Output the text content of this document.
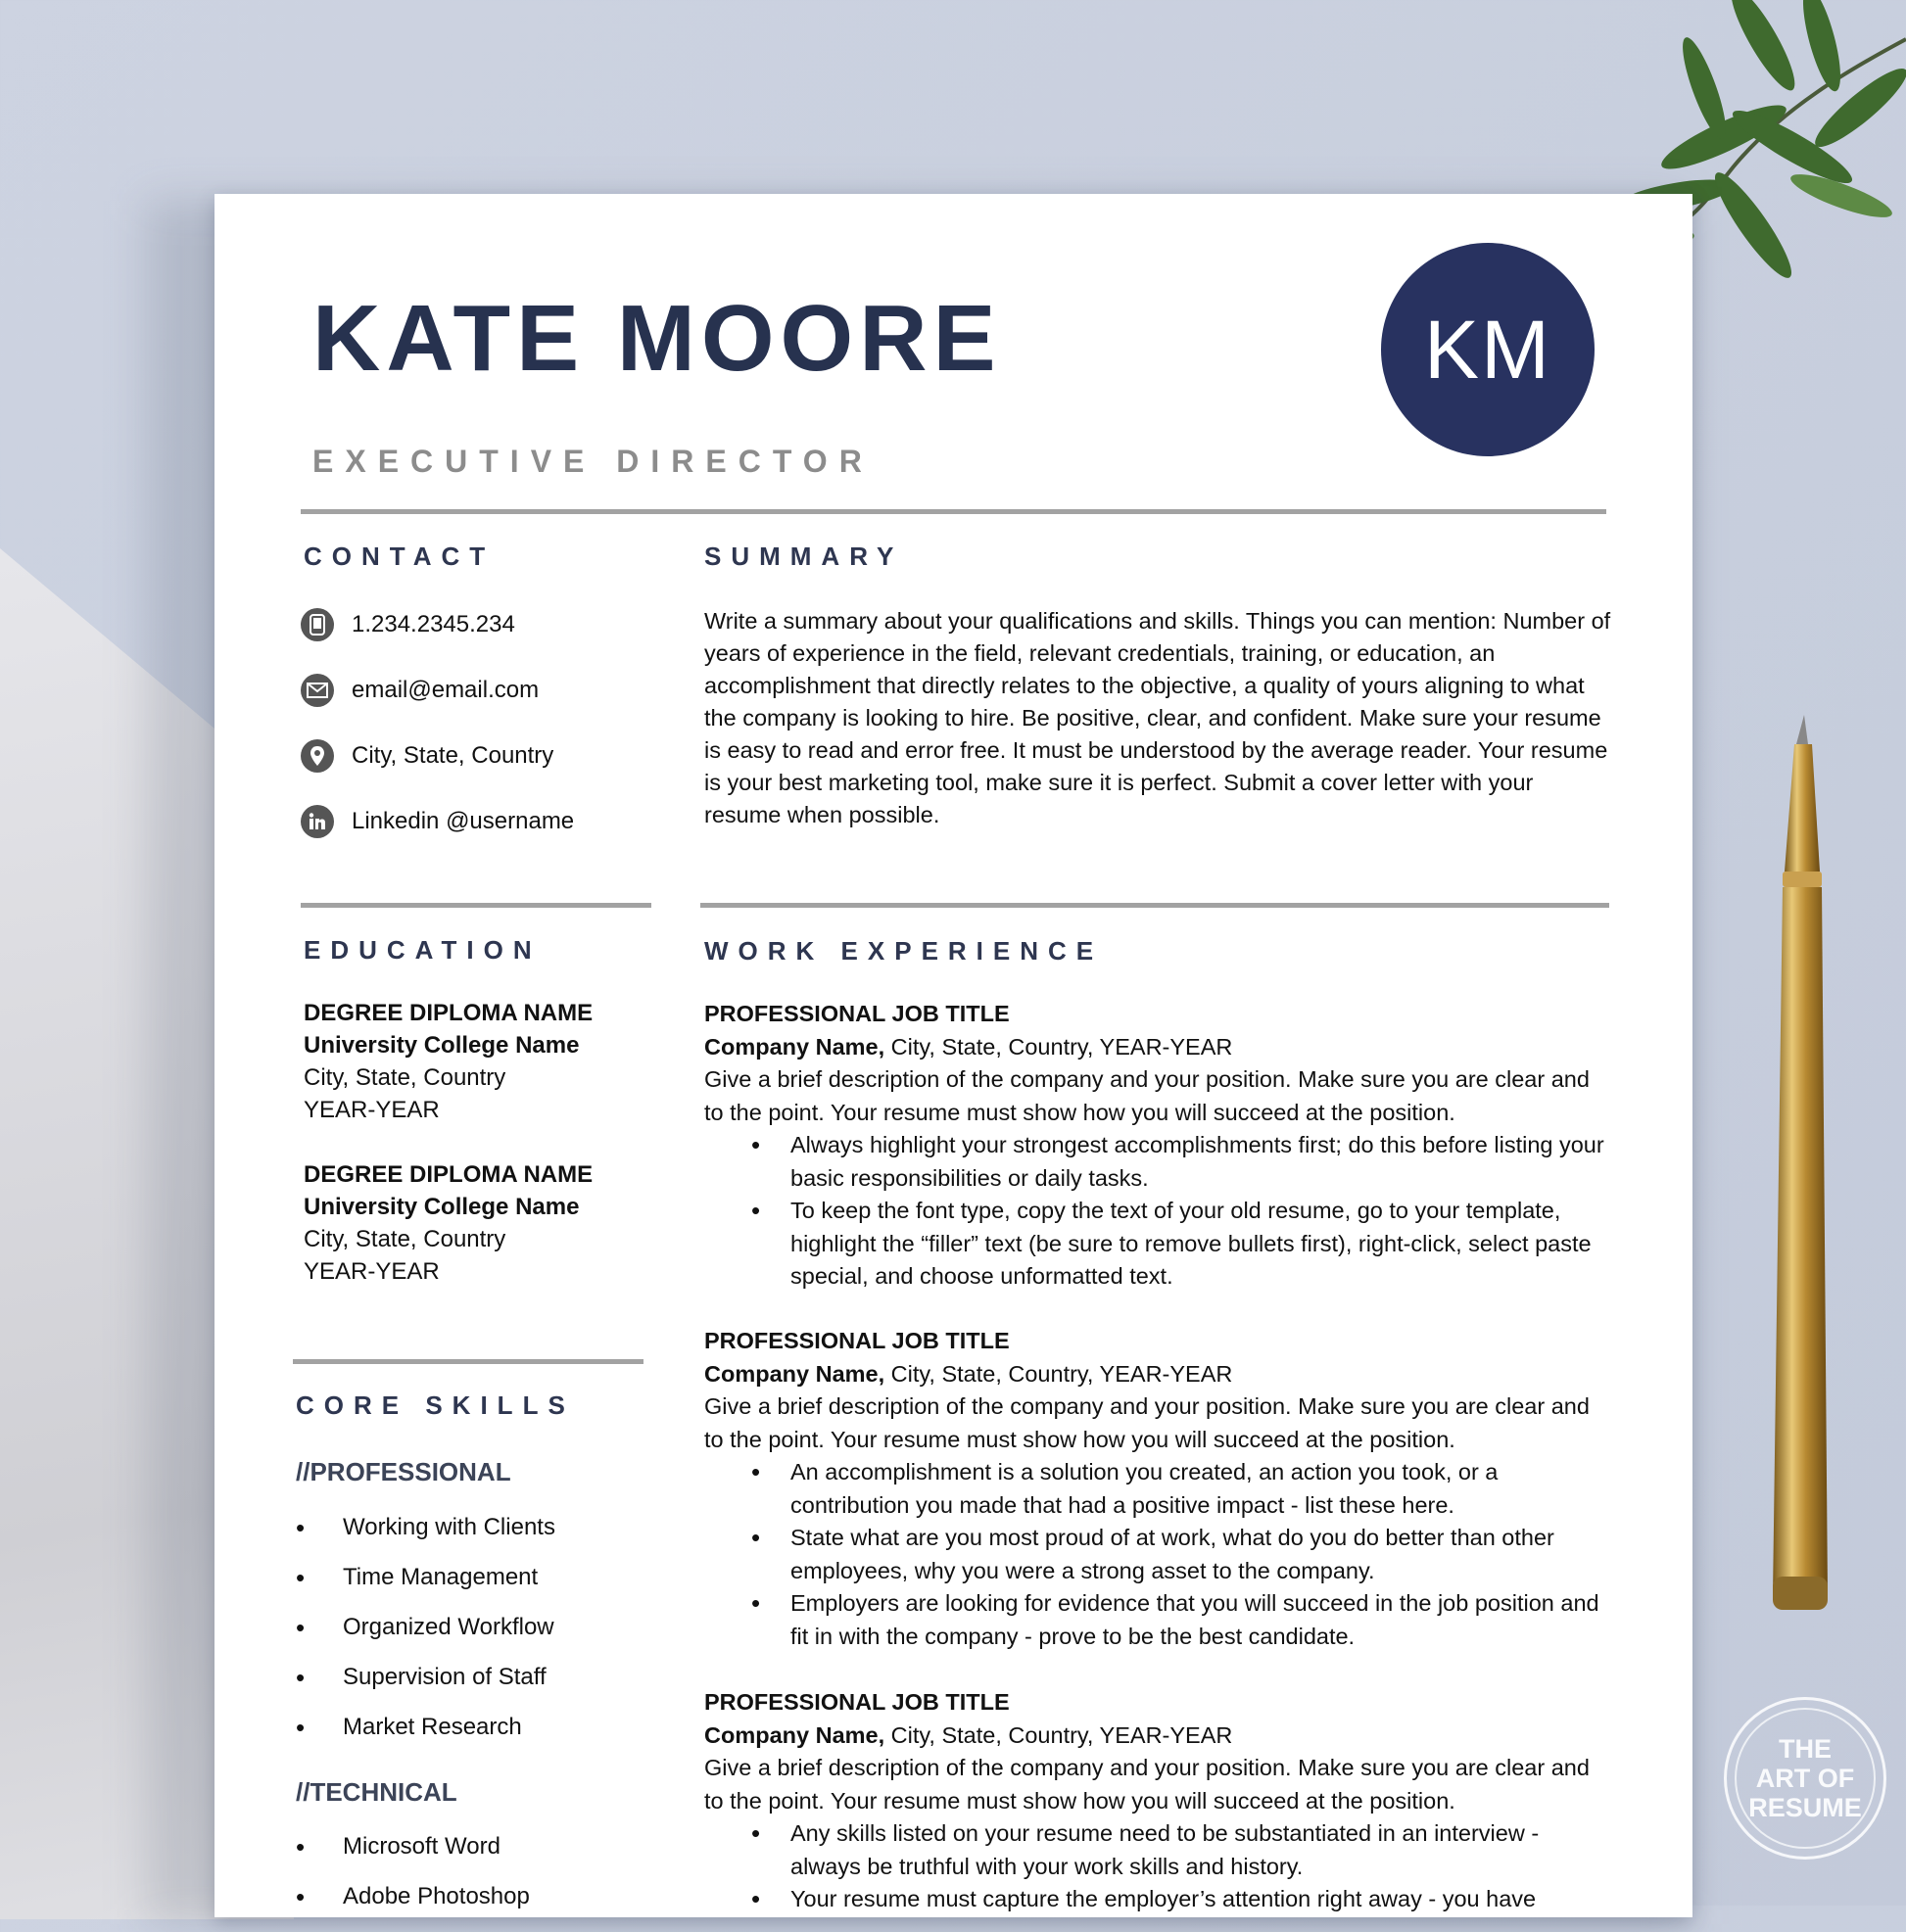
KATE MOORE
EXECUTIVE DIRECTOR
KM
CONTACT
1.234.2345.234
email@email.com
City, State, Country
Linkedin @username
SUMMARY
Write a summary about your qualifications and skills. Things you can mention: Number of years of experience in the field, relevant credentials, training, or education, an accomplishment that directly relates to the objective, a quality of yours aligning to what the company is looking to hire. Be positive, clear, and confident. Make sure your resume is easy to read and error free. It must be understood by the average reader. Your resume is your best marketing tool, make sure it is perfect. Submit a cover letter with your resume when possible.
EDUCATION
DEGREE DIPLOMA NAME
University College Name
City, State, Country
YEAR-YEAR
DEGREE DIPLOMA NAME
University College Name
City, State, Country
YEAR-YEAR
CORE SKILLS
//PROFESSIONAL
• Working with Clients
• Time Management
• Organized Workflow
• Supervision of Staff
• Market Research
//TECHNICAL
• Microsoft Word
• Adobe Photoshop
WORK EXPERIENCE
PROFESSIONAL JOB TITLE
Company Name, City, State, Country, YEAR-YEAR
Give a brief description of the company and your position. Make sure you are clear and to the point. Your resume must show how you will succeed at the position.
• Always highlight your strongest accomplishments first; do this before listing your basic responsibilities or daily tasks.
• To keep the font type, copy the text of your old resume, go to your template, highlight the “filler” text (be sure to remove bullets first), right-click, select paste special, and choose unformatted text.
PROFESSIONAL JOB TITLE
Company Name, City, State, Country, YEAR-YEAR
Give a brief description of the company and your position. Make sure you are clear and to the point. Your resume must show how you will succeed at the position.
• An accomplishment is a solution you created, an action you took, or a contribution you made that had a positive impact - list these here.
• State what are you most proud of at work, what do you do better than other employees, why you were a strong asset to the company.
• Employers are looking for evidence that you will succeed in the job position and fit in with the company - prove to be the best candidate.
PROFESSIONAL JOB TITLE
Company Name, City, State, Country, YEAR-YEAR
Give a brief description of the company and your position. Make sure you are clear and to the point. Your resume must show how you will succeed at the position.
• Any skills listed on your resume need to be substantiated in an interview - always be truthful with your work skills and history.
• Your resume must capture the employer’s attention right away - you have
THE
ART OF
RESUME
